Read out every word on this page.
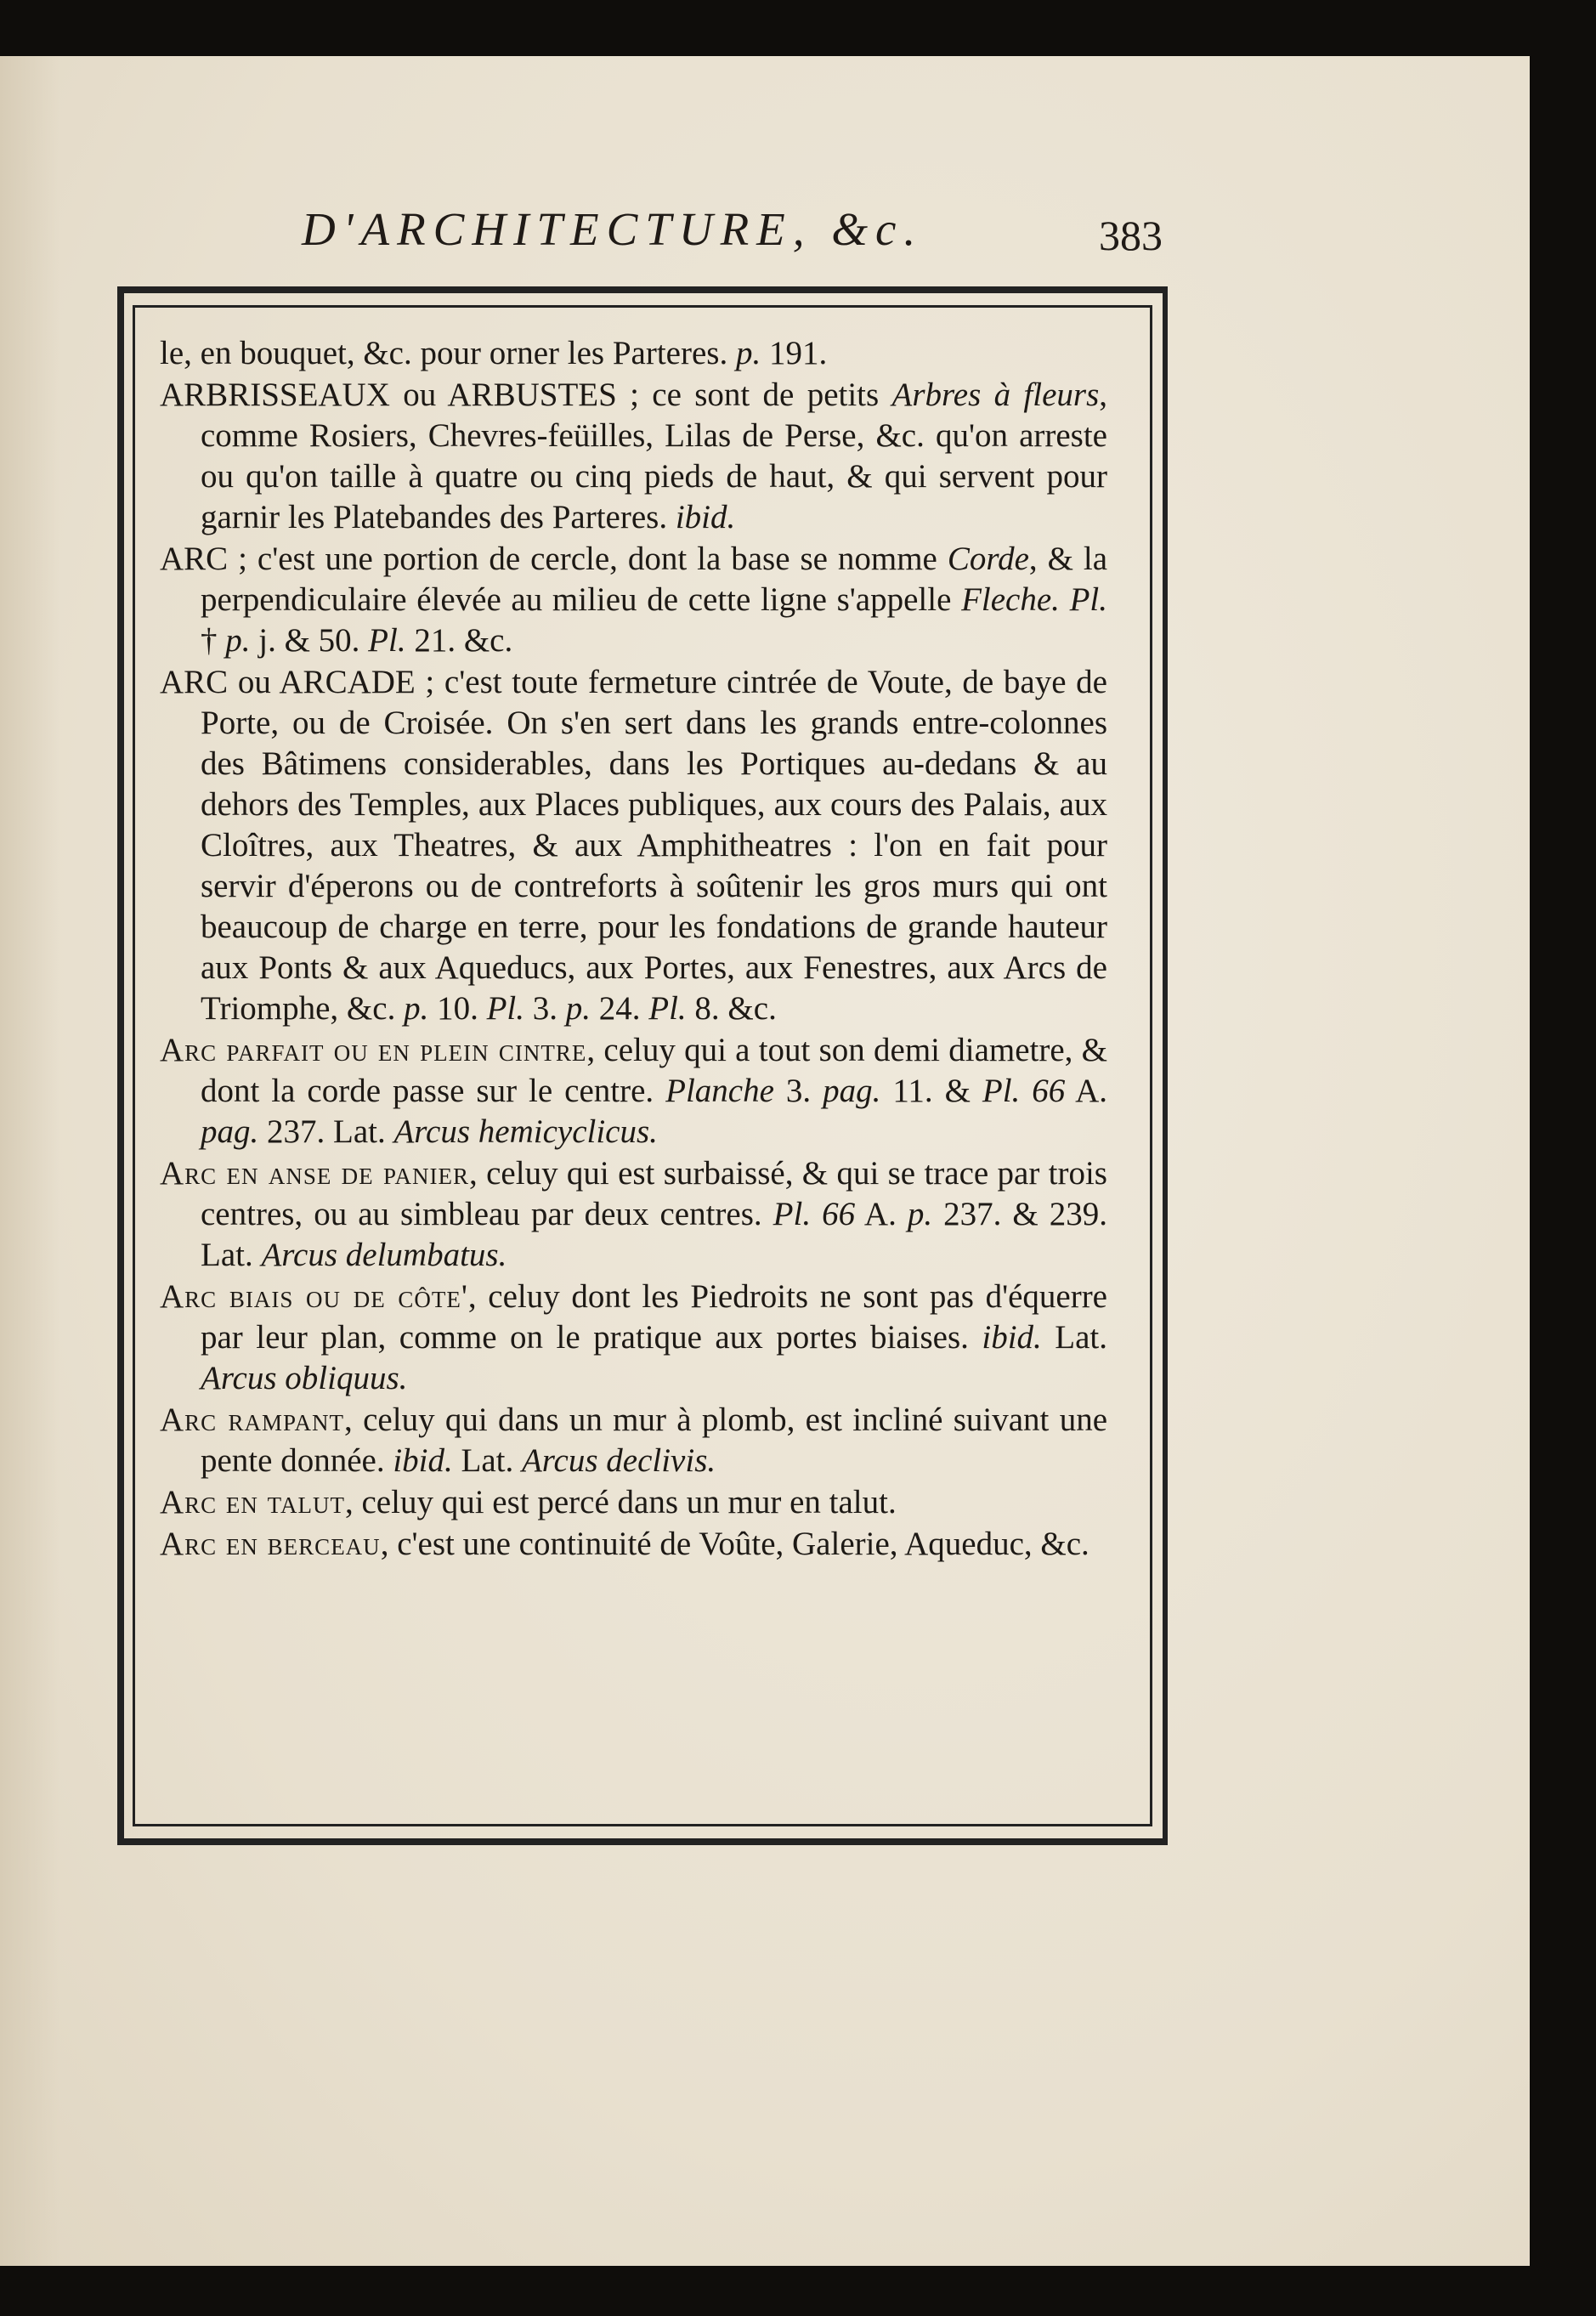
D'ARCHITECTURE, &c.	383

le, en bouquet, &c. pour orner les Parteres. p. 191.

ARBRISSEAUX ou ARBUSTES ; ce sont de petits Arbres à fleurs, comme Rosiers, Chevres-feüilles, Lilas de Perse, &c. qu'on arreste ou qu'on taille à quatre ou cinq pieds de haut, & qui servent pour garnir les Platebandes des Parteres. ibid.

ARC ; c'est une portion de cercle, dont la base se nomme Corde, & la perpendiculaire élevée au milieu de cette ligne s'appelle Fleche. Pl. † p. j. & 50. Pl. 21. &c.

ARC ou ARCADE ; c'est toute fermeture cintrée de Voute, de baye de Porte, ou de Croisée. On s'en sert dans les grands entre-colonnes des Bâtimens considerables, dans les Portiques au-dedans & au dehors des Temples, aux Places publiques, aux cours des Palais, aux Cloîtres, aux Theatres, & aux Amphitheatres : l'on en fait pour servir d'éperons ou de contreforts à soûtenir les gros murs qui ont beaucoup de charge en terre, pour les fondations de grande hauteur aux Ponts & aux Aqueducs, aux Portes, aux Fenestres, aux Arcs de Triomphe, &c. p. 10. Pl. 3. p. 24. Pl. 8. &c.

Arc parfait ou en plein cintre, celuy qui a tout son demi diametre, & dont la corde passe sur le centre. Planche 3. pag. 11. & Pl. 66 A. pag. 237. Lat. Arcus hemicyclicus.

Arc en anse de panier, celuy qui est surbaissé, & qui se trace par trois centres, ou au simbleau par deux centres. Pl. 66 A. p. 237. & 239. Lat. Arcus delumbatus.

Arc biais ou de côte', celuy dont les Piedroits ne sont pas d'équerre par leur plan, comme on le pratique aux portes biaises. ibid. Lat. Arcus obliquus.

Arc rampant, celuy qui dans un mur à plomb, est incliné suivant une pente donnée. ibid. Lat. Arcus declivis.

Arc en talut, celuy qui est percé dans un mur en talut.

Arc en berceau, c'est une continuité de Voûte, Galerie, Aqueduc, &c.
